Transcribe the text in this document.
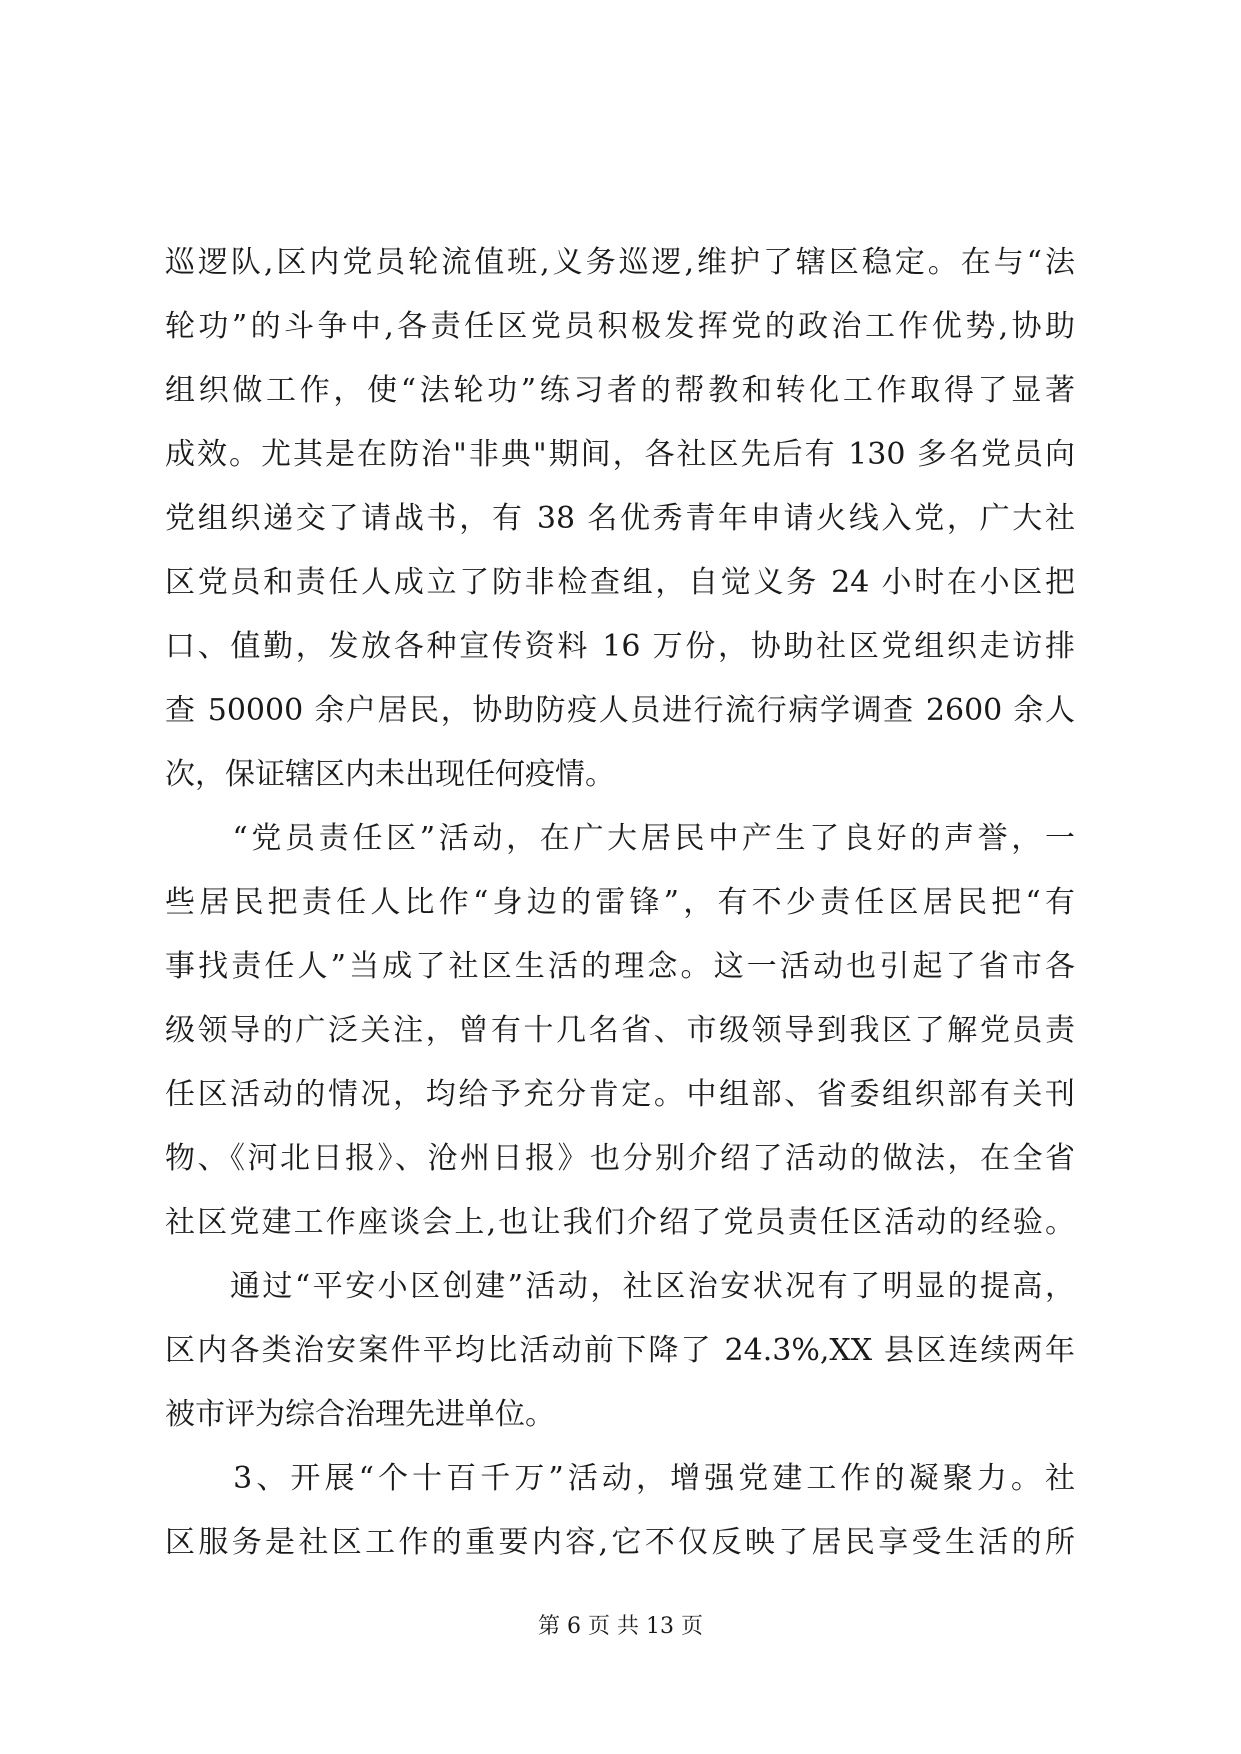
巡逻队,区内党员轮流值班,义务巡逻,维护了辖区稳定。在与“法
轮功”的斗争中,各责任区党员积极发挥党的政治工作优势,协助
组织做工作，使“法轮功”练习者的帮教和转化工作取得了显著
成效。尤其是在防治"非典"期间，各社区先后有 130 多名党员向
党组织递交了请战书，有 38 名优秀青年申请火线入党，广大社
区党员和责任人成立了防非检查组，自觉义务 24 小时在小区把
口、值勤，发放各种宣传资料 16 万份，协助社区党组织走访排
查 50000 余户居民，协助防疫人员进行流行病学调查 2600 余人
次，保证辖区内未出现任何疫情。
　　“党员责任区”活动，在广大居民中产生了良好的声誉，一
些居民把责任人比作“身边的雷锋”，有不少责任区居民把“有
事找责任人”当成了社区生活的理念。这一活动也引起了省市各
级领导的广泛关注，曾有十几名省、市级领导到我区了解党员责
任区活动的情况，均给予充分肯定。中组部、省委组织部有关刊
物、《河北日报》、沧州日报》也分别介绍了活动的做法，在全省
社区党建工作座谈会上,也让我们介绍了党员责任区活动的经验。
　　通过“平安小区创建”活动，社区治安状况有了明显的提高，
区内各类治安案件平均比活动前下降了 24.3%,XX 县区连续两年
被市评为综合治理先进单位。
　　3、开展“个十百千万”活动，增强党建工作的凝聚力。社
区服务是社区工作的重要内容,它不仅反映了居民享受生活的所
第 6 页 共 13 页
